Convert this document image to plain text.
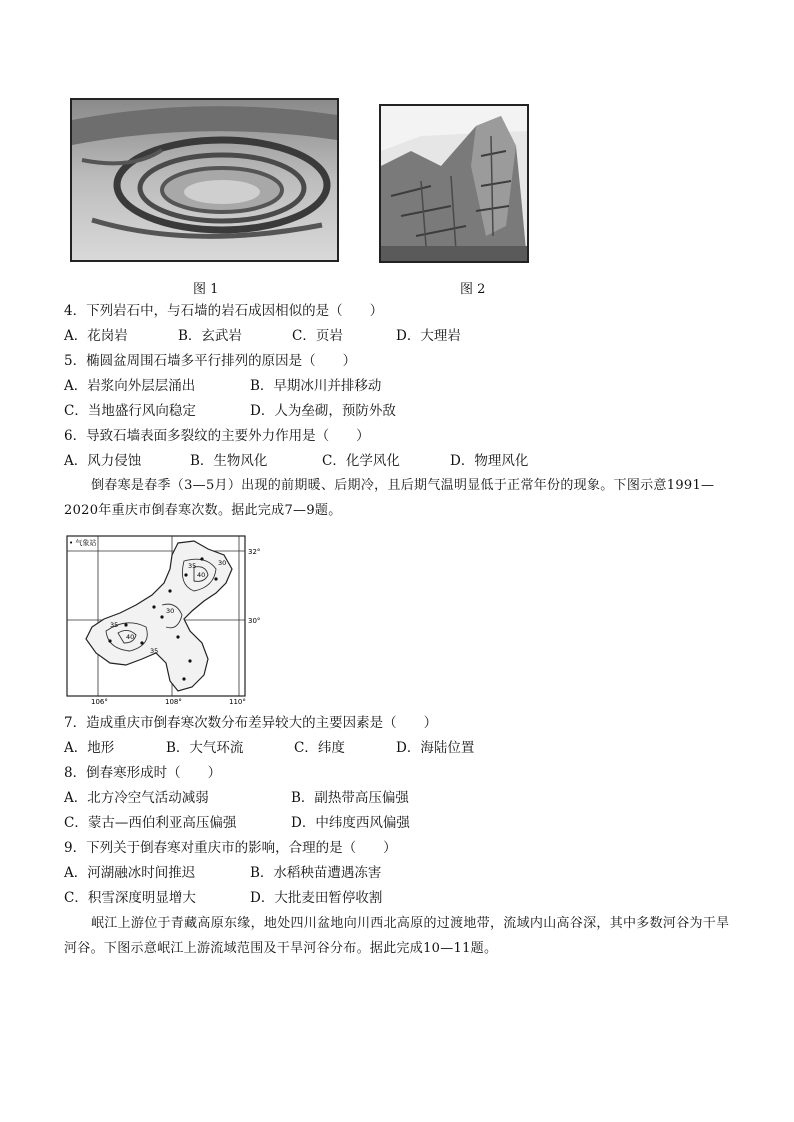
图 1	图 2
4．下列岩石中，与石墙的岩石成因相似的是（　　）
A．花岗岩	B．玄武岩	C．页岩	D．大理岩
5．椭圆盆周围石墙多平行排列的原因是（　　）
A．岩浆向外层层涌出	B．早期冰川并排移动
C．当地盛行风向稳定	D．人为垒砌，预防外敌
6．导致石墙表面多裂纹的主要外力作用是（　　）
A．风力侵蚀	B．生物风化	C．化学风化	D．物理风化
倒春寒是春季（3—5月）出现的前期暖、后期冷，且后期气温明显低于正常年份的现象。下图示意1991—2020年重庆市倒春寒次数。据此完成7—9题。
• 气象站
32°
30°
106°	108°	110°
35
40
30
35
40
30
35
7．造成重庆市倒春寒次数分布差异较大的主要因素是（　　）
A．地形	B．大气环流	C．纬度	D．海陆位置
8．倒春寒形成时（　　）
A．北方冷空气活动减弱	B．副热带高压偏强
C．蒙古—西伯利亚高压偏强	D．中纬度西风偏强
9．下列关于倒春寒对重庆市的影响，合理的是（　　）
A．河湖融冰时间推迟	B．水稻秧苗遭遇冻害
C．积雪深度明显增大	D．大批麦田暂停收割
岷江上游位于青藏高原东缘，地处四川盆地向川西北高原的过渡地带，流域内山高谷深，其中多数河谷为干旱河谷。下图示意岷江上游流域范围及干旱河谷分布。据此完成10—11题。
